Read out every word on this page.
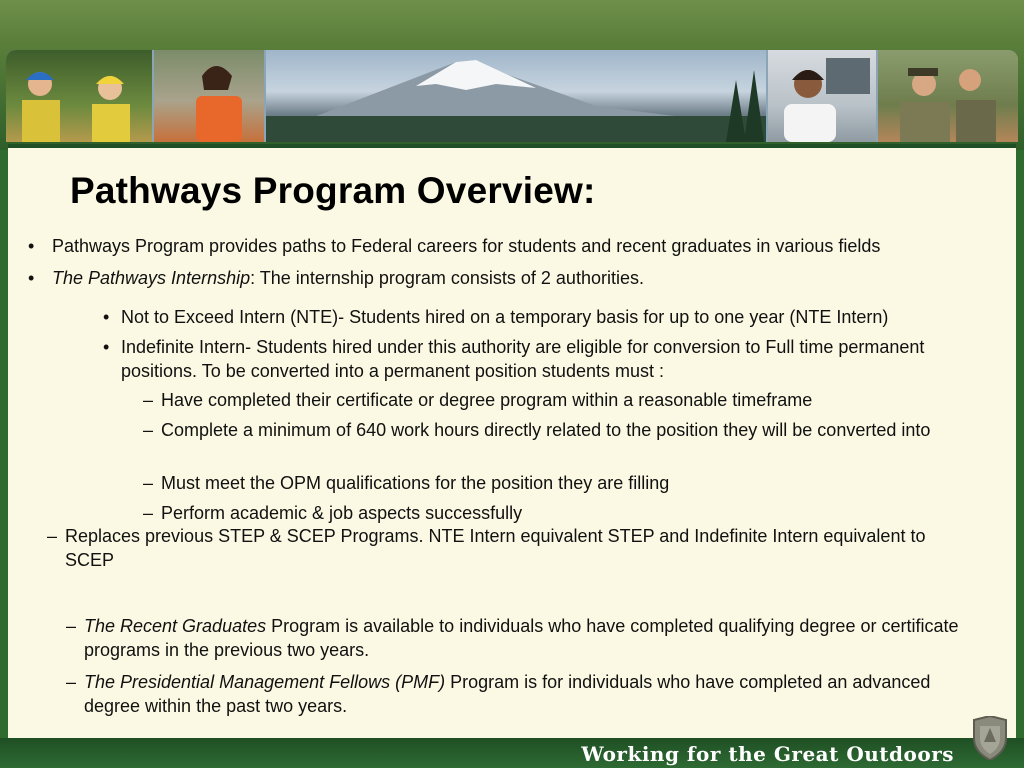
Pathways Program Overview:
• Pathways Program provides paths to Federal careers for students and recent graduates in various fields
• The Pathways Internship: The internship program consists of 2 authorities.
• Not to Exceed Intern (NTE)- Students hired on a temporary basis for up to one year (NTE Intern)
• Indefinite Intern- Students hired under this authority are eligible for conversion to Full time permanent positions. To be converted into a permanent position students must :
– Have completed their certificate or degree program within a reasonable timeframe
– Complete a minimum of 640 work hours directly related to the position they will be converted into
– Must meet the OPM qualifications for the position they are filling
– Perform academic & job aspects successfully
– Replaces previous STEP & SCEP Programs. NTE Intern equivalent STEP and Indefinite Intern equivalent to SCEP
– The Recent Graduates Program is available to individuals who have completed qualifying degree or certificate programs in the previous two years.
– The Presidential Management Fellows (PMF) Program is for individuals who have completed an advanced degree within the past two years.
Working for the Great Outdoors
